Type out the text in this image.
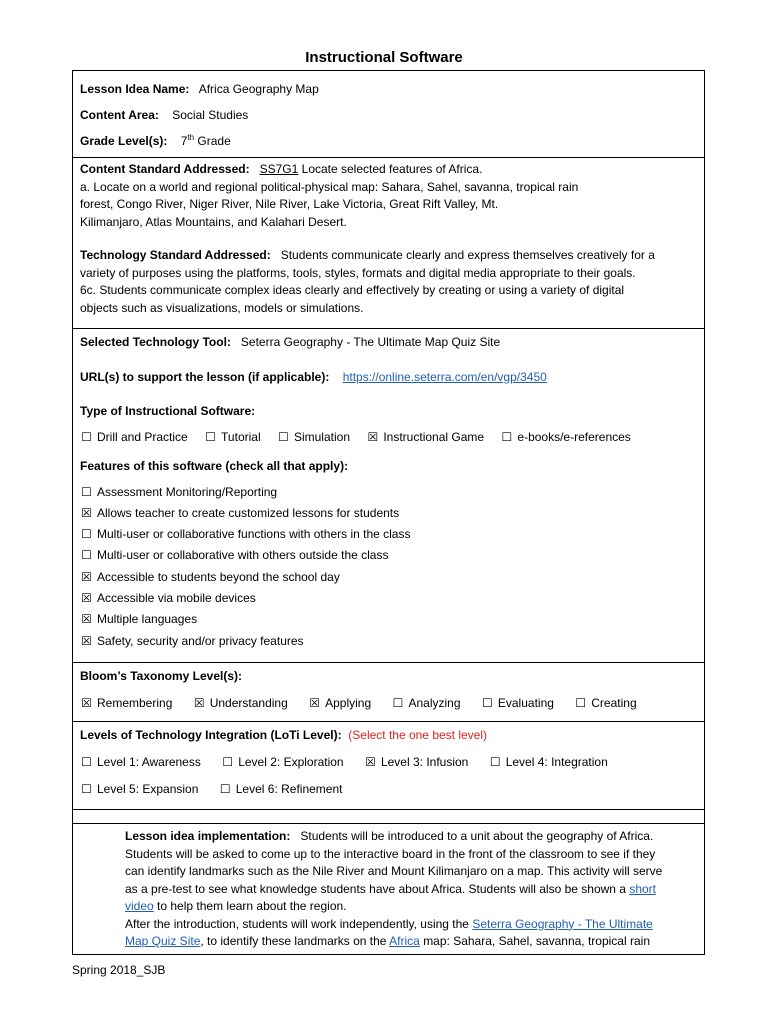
Instructional Software
Lesson Idea Name: Africa Geography Map
Content Area: Social Studies
Grade Level(s): 7th Grade

Content Standard Addressed: SS7G1 Locate selected features of Africa.
a. Locate on a world and regional political-physical map: Sahara, Sahel, savanna, tropical rain
forest, Congo River, Niger River, Nile River, Lake Victoria, Great Rift Valley, Mt.
Kilimanjaro, Atlas Mountains, and Kalahari Desert.
Technology Standard Addressed: Students communicate clearly and express themselves creatively for a
variety of purposes using the platforms, tools, styles, formats and digital media appropriate to their goals.
6c. Students communicate complex ideas clearly and effectively by creating or using a variety of digital
objects such as visualizations, models or simulations.

Selected Technology Tool: Seterra Geography - The Ultimate Map Quiz Site
URL(s) to support the lesson (if applicable): https://online.seterra.com/en/vgp/3450
Type of Instructional Software:
☐ Drill and Practice ☐ Tutorial ☐ Simulation ☒ Instructional Game ☐ e-books/e-references
Features of this software (check all that apply):
☐ Assessment Monitoring/Reporting
☒ Allows teacher to create customized lessons for students
☐ Multi-user or collaborative functions with others in the class
☐ Multi-user or collaborative with others outside the class
☒ Accessible to students beyond the school day
☒ Accessible via mobile devices
☒ Multiple languages
☒ Safety, security and/or privacy features

Bloom’s Taxonomy Level(s):
☒ Remembering ☒ Understanding ☒ Applying ☐ Analyzing ☐ Evaluating ☐ Creating

Levels of Technology Integration (LoTi Level): (Select the one best level)
☐ Level 1: Awareness ☐ Level 2: Exploration ☒ Level 3: Infusion ☐ Level 4: Integration
☐ Level 5: Expansion ☐ Level 6: Refinement

Lesson idea implementation: Students will be introduced to a unit about the geography of Africa.
Students will be asked to come up to the interactive board in the front of the classroom to see if they
can identify landmarks such as the Nile River and Mount Kilimanjaro on a map. This activity will serve
as a pre-test to see what knowledge students have about Africa. Students will also be shown a short
video to help them learn about the region.
After the introduction, students will work independently, using the Seterra Geography - The Ultimate
Map Quiz Site, to identify these landmarks on the Africa map: Sahara, Sahel, savanna, tropical rain
Spring 2018_SJB
